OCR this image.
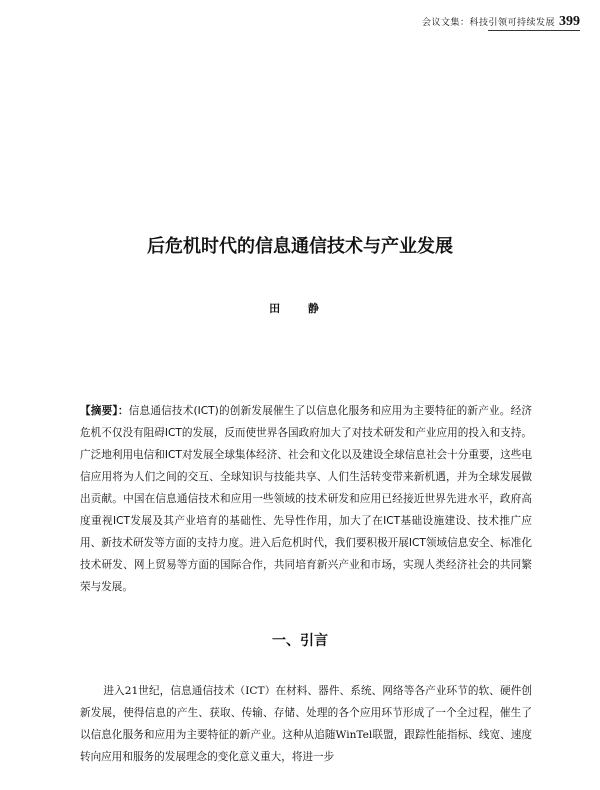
会议文集：科技引领可持续发展 399
后危机时代的信息通信技术与产业发展
田 静
【摘要】：信息通信技术(ICT)的创新发展催生了以信息化服务和应用为主要特征的新产业。经济危机不仅没有阻碍ICT的发展，反而使世界各国政府加大了对技术研发和产业应用的投入和支持。广泛地利用电信和ICT对发展全球集体经济、社会和文化以及建设全球信息社会十分重要，这些电信应用将为人们之间的交互、全球知识与技能共享、人们生活转变带来新机遇，并为全球发展做出贡献。中国在信息通信技术和应用一些领域的技术研发和应用已经接近世界先进水平，政府高度重视ICT发展及其产业培育的基础性、先导性作用，加大了在ICT基础设施建设、技术推广应用、新技术研发等方面的支持力度。进入后危机时代，我们要积极开展ICT领域信息安全、标准化技术研发、网上贸易等方面的国际合作，共同培育新兴产业和市场，实现人类经济社会的共同繁荣与发展。
一、引言
进入21世纪，信息通信技术（ICT）在材料、器件、系统、网络等各产业环节的软、硬件创新发展，使得信息的产生、获取、传输、存储、处理的各个应用环节形成了一个全过程，催生了以信息化服务和应用为主要特征的新产业。这种从追随WinTel联盟，跟踪性能指标、线宽、速度转向应用和服务的发展理念的变化意义重大，将进一步
